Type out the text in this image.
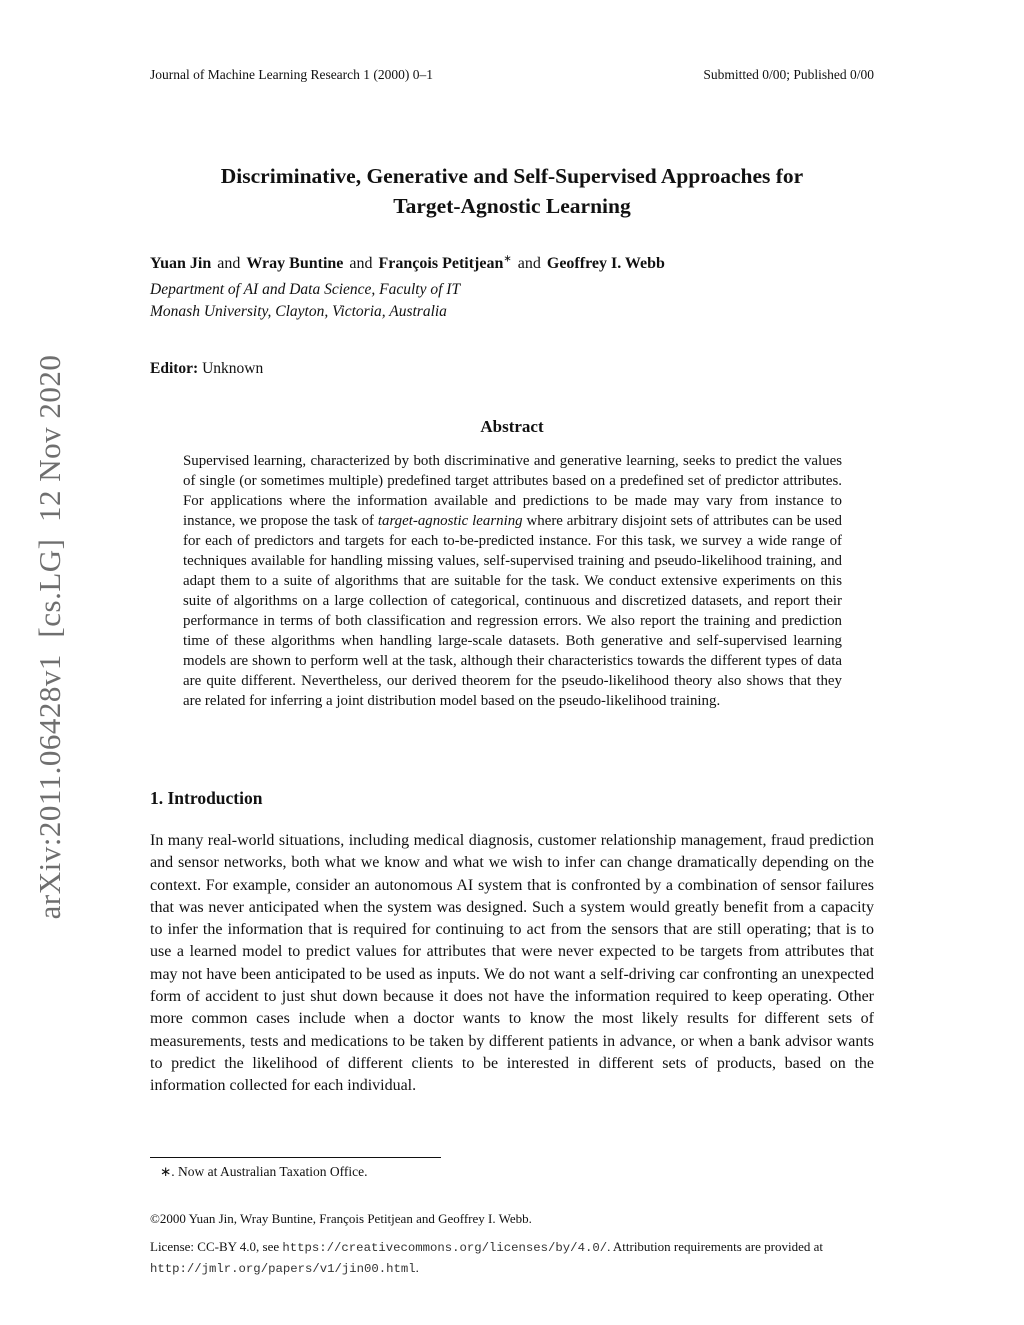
arXiv:2011.06428v1  [cs.LG]  12 Nov 2020
Journal of Machine Learning Research 1 (2000) 0–1	Submitted 0/00; Published 0/00
Discriminative, Generative and Self-Supervised Approaches for
Target-Agnostic Learning
Yuan Jin and Wray Buntine and François Petitjean∗ and Geoffrey I. Webb
Department of AI and Data Science, Faculty of IT
Monash University, Clayton, Victoria, Australia
Editor: Unknown
Abstract

Supervised learning, characterized by both discriminative and generative learning, seeks to predict the values of single (or sometimes multiple) predefined target attributes based on a predefined set of predictor attributes. For applications where the information available and predictions to be made may vary from instance to instance, we propose the task of target-agnostic learning where arbitrary disjoint sets of attributes can be used for each of predictors and targets for each to-be-predicted instance. For this task, we survey a wide range of techniques available for handling missing values, self-supervised training and pseudo-likelihood training, and adapt them to a suite of algorithms that are suitable for the task. We conduct extensive experiments on this suite of algorithms on a large collection of categorical, continuous and discretized datasets, and report their performance in terms of both classification and regression errors. We also report the training and prediction time of these algorithms when handling large-scale datasets. Both generative and self-supervised learning models are shown to perform well at the task, although their characteristics towards the different types of data are quite different. Nevertheless, our derived theorem for the pseudo-likelihood theory also shows that they are related for inferring a joint distribution model based on the pseudo-likelihood training.

1. Introduction

In many real-world situations, including medical diagnosis, customer relationship management, fraud prediction and sensor networks, both what we know and what we wish to infer can change dramatically depending on the context. For example, consider an autonomous AI system that is confronted by a combination of sensor failures that was never anticipated when the system was designed. Such a system would greatly benefit from a capacity to infer the information that is required for continuing to act from the sensors that are still operating; that is to use a learned model to predict values for attributes that were never expected to be targets from attributes that may not have been anticipated to be used as inputs. We do not want a self-driving car confronting an unexpected form of accident to just shut down because it does not have the information required to keep operating. Other more common cases include when a doctor wants to know the most likely results for different sets of measurements, tests and medications to be taken by different patients in advance, or when a bank advisor wants to predict the likelihood of different clients to be interested in different sets of products, based on the information collected for each individual.

∗. Now at Australian Taxation Office.
©2000 Yuan Jin, Wray Buntine, François Petitjean and Geoffrey I. Webb.
License: CC-BY 4.0, see https://creativecommons.org/licenses/by/4.0/. Attribution requirements are provided at http://jmlr.org/papers/v1/jin00.html.
